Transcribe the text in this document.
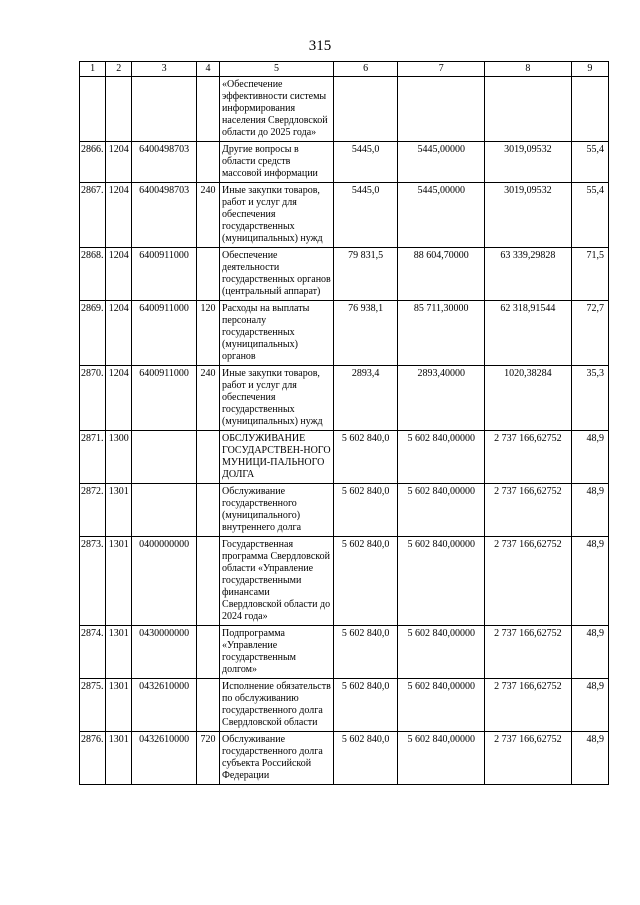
315
1	2	3	4	5	6	7	8	9
				«Обеспечение эффективности системы информирования населения Свердловской области до 2025 года»				
2866.	1204	6400498703		Другие вопросы в области средств массовой информации	5445,0	5445,00000	3019,09532	55,4
2867.	1204	6400498703	240	Иные закупки товаров, работ и услуг для обеспечения государственных (муниципальных) нужд	5445,0	5445,00000	3019,09532	55,4
2868.	1204	6400911000		Обеспечение деятельности государственных органов (центральный аппарат)	79 831,5	88 604,70000	63 339,29828	71,5
2869.	1204	6400911000	120	Расходы на выплаты персоналу государственных (муниципальных) органов	76 938,1	85 711,30000	62 318,91544	72,7
2870.	1204	6400911000	240	Иные закупки товаров, работ и услуг для обеспечения государственных (муниципальных) нужд	2893,4	2893,40000	1020,38284	35,3
2871.	1300			ОБСЛУЖИВАНИЕ ГОСУДАРСТВЕН-НОГО МУНИЦИ-ПАЛЬНОГО ДОЛГА	5 602 840,0	5 602 840,00000	2 737 166,62752	48,9
2872.	1301			Обслуживание государственного (муниципального) внутреннего долга	5 602 840,0	5 602 840,00000	2 737 166,62752	48,9
2873.	1301	0400000000		Государственная программа Свердловской области «Управление государственными финансами Свердловской области до 2024 года»	5 602 840,0	5 602 840,00000	2 737 166,62752	48,9
2874.	1301	0430000000		Подпрограмма «Управление государственным долгом»	5 602 840,0	5 602 840,00000	2 737 166,62752	48,9
2875.	1301	0432610000		Исполнение обязательств по обслуживанию государственного долга Свердловской области	5 602 840,0	5 602 840,00000	2 737 166,62752	48,9
2876.	1301	0432610000	720	Обслуживание государственного долга субъекта Российской Федерации	5 602 840,0	5 602 840,00000	2 737 166,62752	48,9
